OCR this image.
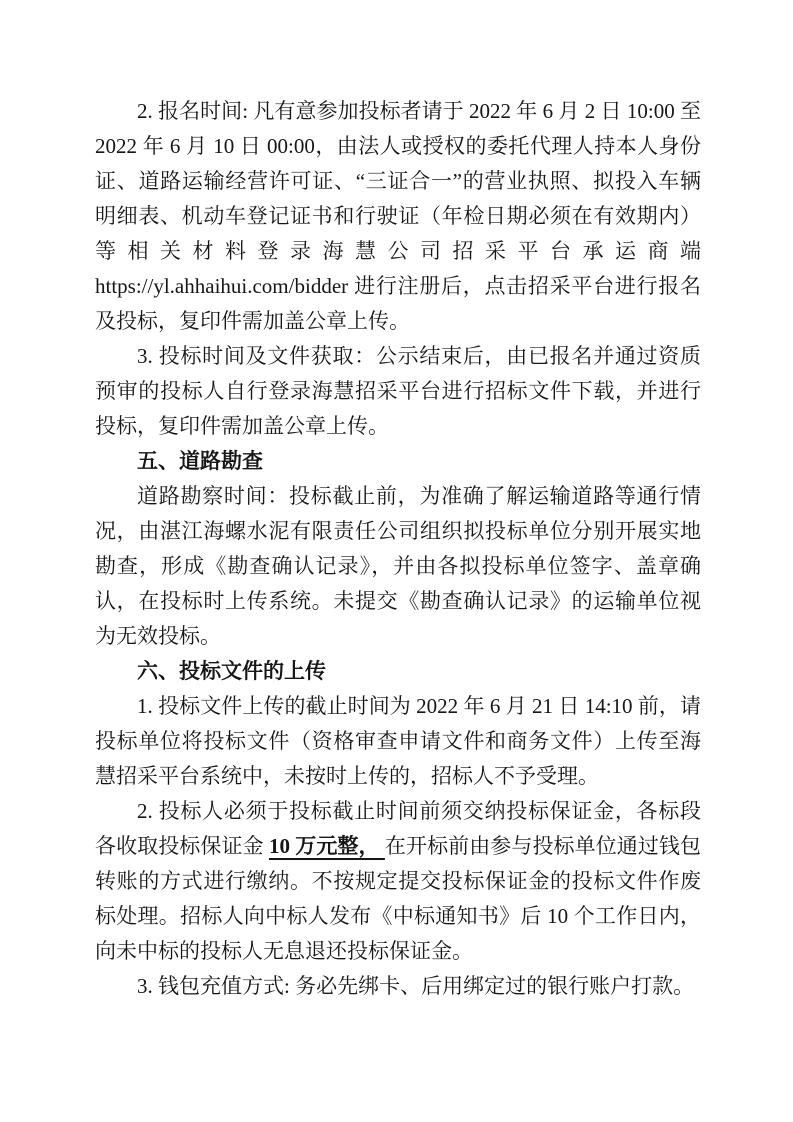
2. 报名时间: 凡有意参加投标者请于 2022 年 6 月 2 日 10:00 至 2022 年 6 月 10 日 00:00，由法人或授权的委托代理人持本人身份证、道路运输经营许可证、“三证合一”的营业执照、拟投入车辆明细表、机动车登记证书和行驶证（年检日期必须在有效期内）等相关材料登录海慧公司招采平台承运商端 https://yl.ahhaihui.com/bidder 进行注册后，点击招采平台进行报名及投标，复印件需加盖公章上传。

3. 投标时间及文件获取：公示结束后，由已报名并通过资质预审的投标人自行登录海慧招采平台进行招标文件下载，并进行投标，复印件需加盖公章上传。

五、道路勘查

道路勘察时间：投标截止前，为准确了解运输道路等通行情况，由湛江海螺水泥有限责任公司组织拟投标单位分别开展实地勘查，形成《勘查确认记录》，并由各拟投标单位签字、盖章确认，在投标时上传系统。未提交《勘查确认记录》的运输单位视为无效投标。

六、投标文件的上传

1. 投标文件上传的截止时间为 2022 年 6 月 21 日 14:10 前，请投标单位将投标文件（资格审查申请文件和商务文件）上传至海慧招采平台系统中，未按时上传的，招标人不予受理。

2. 投标人必须于投标截止时间前须交纳投标保证金，各标段各收取投标保证金 10 万元整， 在开标前由参与投标单位通过钱包转账的方式进行缴纳。不按规定提交投标保证金的投标文件作废标处理。招标人向中标人发布《中标通知书》后 10 个工作日内，向未中标的投标人无息退还投标保证金。

3. 钱包充值方式: 务必先绑卡、后用绑定过的银行账户打款。
